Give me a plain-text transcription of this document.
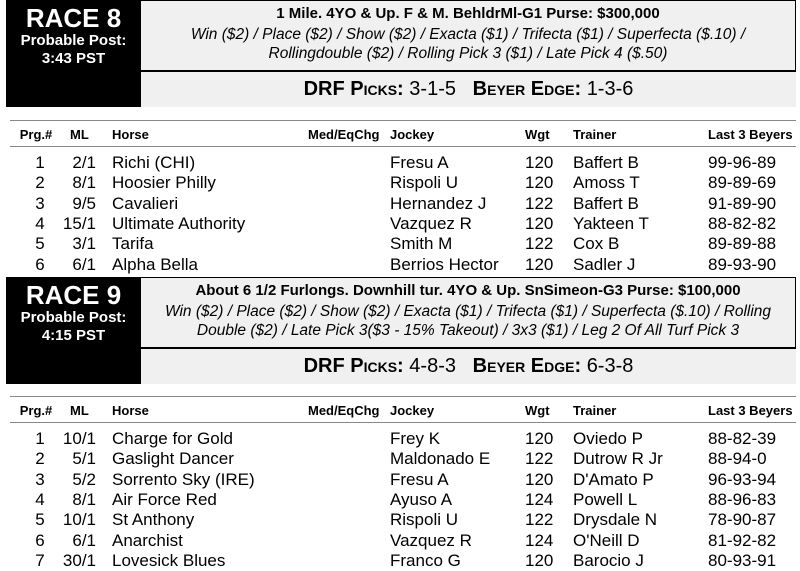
RACE 8
Probable Post:
3:43 PST
1 Mile. 4YO & Up. F & M. BehldrMl-G1 Purse: $300,000
Win ($2) / Place ($2) / Show ($2) / Exacta ($1) / Trifecta ($1) / Superfecta ($.10) / Rollingdouble ($2) / Rolling Pick 3 ($1) / Late Pick 4 ($.50)
DRF Picks: 3-1-5 Beyer Edge: 1-3-6
Prg.#	ML Horse	Med/EqChg Jockey	Wgt Trainer	Last 3 Beyers
1	2/1 Richi (CHI)	Fresu A	120 Baffert B	99-96-89
2	8/1 Hoosier Philly	Rispoli U	120 Amoss T	89-89-69
3	9/5 Cavalieri	Hernandez J 122 Baffert B	91-89-90
4	15/1 Ultimate Authority	Vazquez R	120 Yakteen T	88-82-82
5	3/1 Tarifa	Smith M	122 Cox B	89-89-88
6	6/1 Alpha Bella	Berrios Hector 120 Sadler J	89-93-90
RACE 9
Probable Post:
4:15 PST
About 6 1/2 Furlongs. Downhill tur. 4YO & Up. SnSimeon-G3 Purse: $100,000
Win ($2) / Place ($2) / Show ($2) / Exacta ($1) / Trifecta ($1) / Superfecta ($.10) / Rolling Double ($2) / Late Pick 3($3 - 15% Takeout) / 3x3 ($1) / Leg 2 Of All Turf Pick 3
DRF Picks: 4-8-3 Beyer Edge: 6-3-8
Prg.#	ML Horse	Med/EqChg Jockey	Wgt Trainer	Last 3 Beyers
1	10/1 Charge for Gold	Frey K	120 Oviedo P	88-82-39
2	5/1 Gaslight Dancer	Maldonado E 122 Dutrow R Jr	88-94-0
3	5/2 Sorrento Sky (IRE)	Fresu A	120 D'Amato P	96-93-94
4	8/1 Air Force Red	Ayuso A	124 Powell L	88-96-83
5	10/1 St Anthony	Rispoli U	122 Drysdale N	78-90-87
6	6/1 Anarchist	Vazquez R	124 O'Neill D	81-92-82
7	30/1 Lovesick Blues	Franco G	120 Barocio J	80-93-91
